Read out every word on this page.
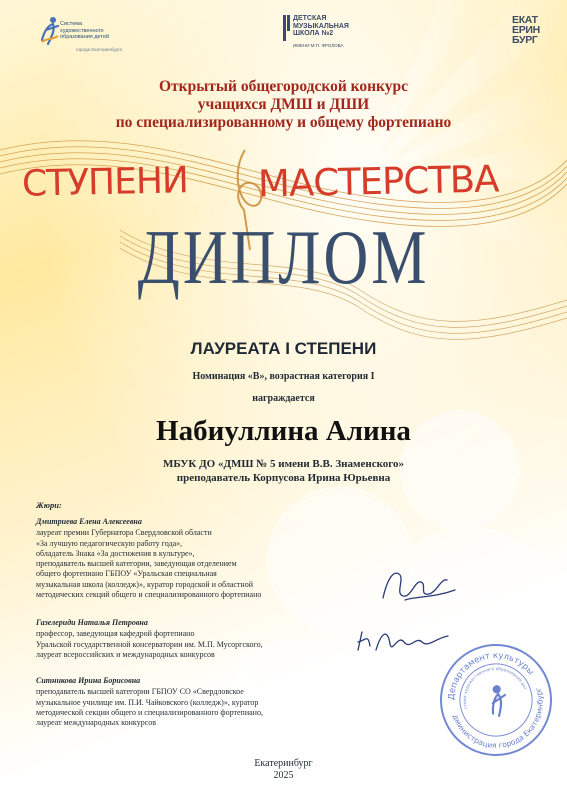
Система
художественного
образования детей
города Екатеринбурга
ДЕТСКАЯ
МУЗЫКАЛЬНАЯ
ШКОЛА №2
ИМЕНИ М.П. ФРОЛОВА
ЕКАТ
ЕРИН
БУРГ
Открытый общегородской конкурс
учащихся ДМШ и ДШИ
по специализированному и общему фортепиано
СТУПЕНИ МАСТЕРСТВА
ДИПЛОМ
ЛАУРЕАТА I СТЕПЕНИ
Номинация «В», возрастная категория I
награждается
Набиуллина Алина
МБУК ДО «ДМШ № 5 имени В.В. Знаменского»
преподаватель Корпусова Ирина Юрьевна
Жюри:
Дмитриева Елена Алексеевна
лауреат премии Губернатора Свердловской области
«За лучшую педагогическую работу года»,
обладатель Знака «За достижения в культуре»,
преподаватель высшей категории, заведующая отделением
общего фортепиано ГБПОУ «Уральская специальная
музыкальная школа (колледж)», куратор городской и областной
методических секций общего и специализированного фортепиано
Газелериди Наталья Петровна
профессор, заведующая кафедрой фортепиано
Уральской государственной консерватории им. М.П. Мусоргского,
лауреат всероссийских и международных конкурсов
Ситникова Ирина Борисовна
преподаватель высшей категории ГБПОУ СО «Свердловское
музыкальное училище им. П.И. Чайковского (колледж)», куратор
методической секции общего и специализированного фортепиано,
лауреат международных конкурсов
Департамент культуры
Администрация города Екатеринбурга
Система художественного образования детей
Екатеринбург
2025
